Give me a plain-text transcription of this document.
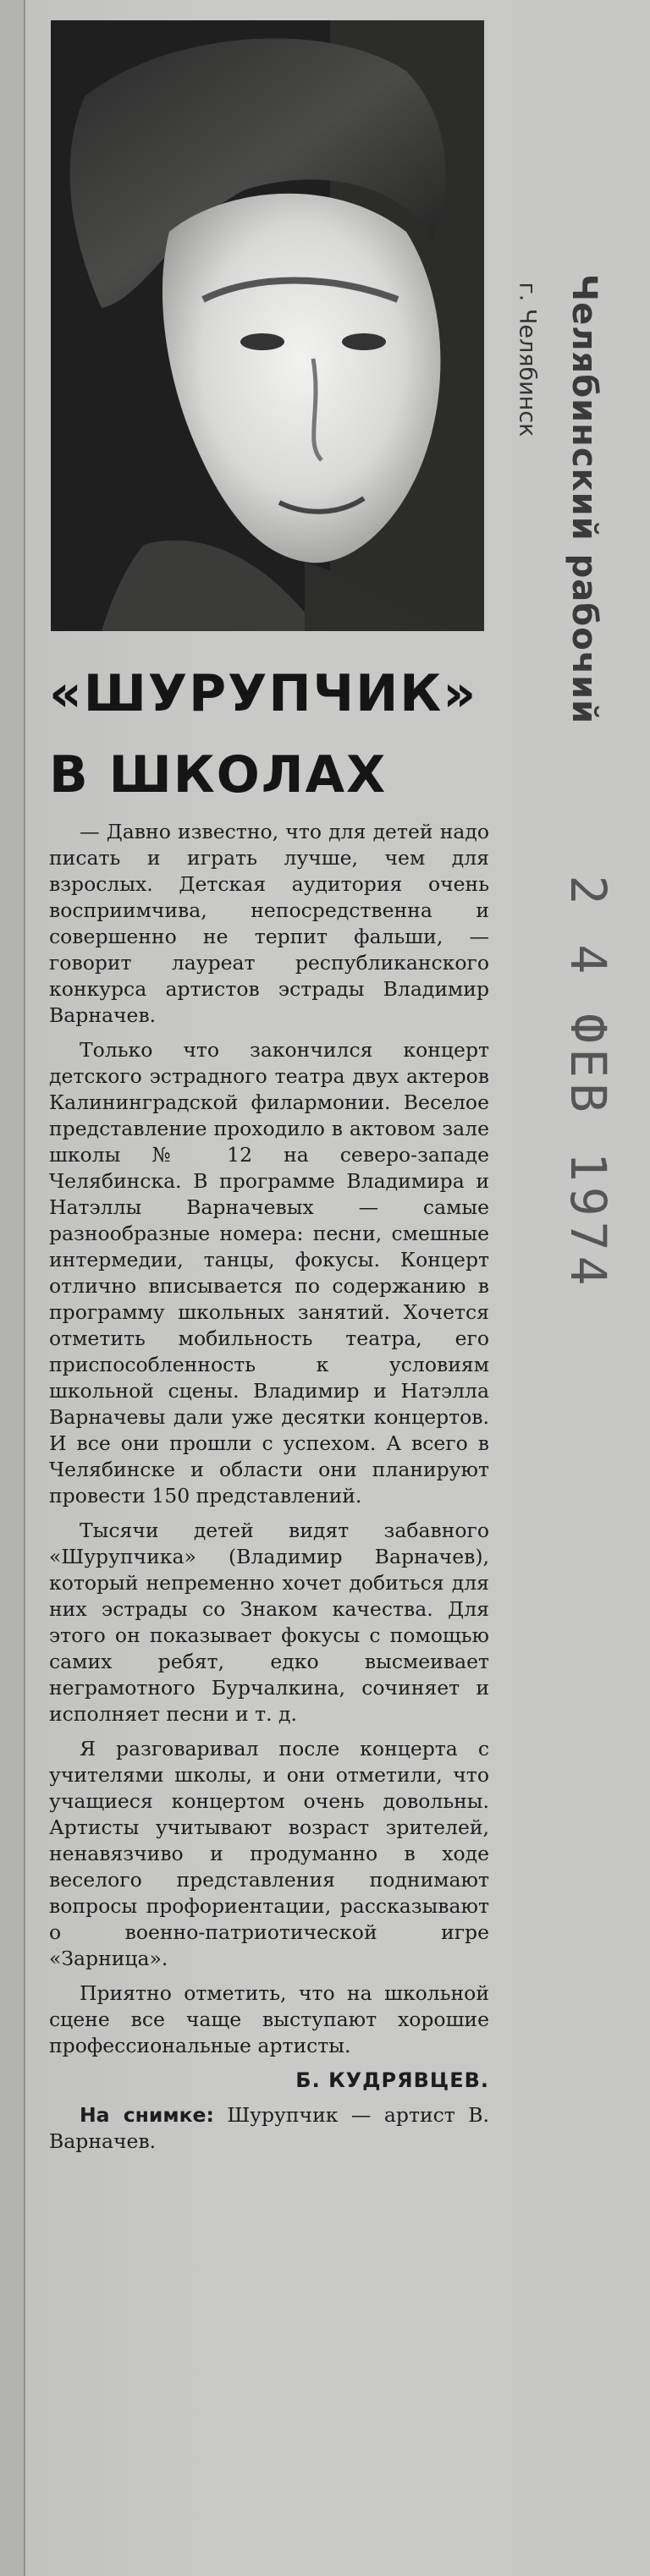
г. Челябинск Челябинский рабочий
2 4 ФЕВ 1974
«ШУРУПЧИК»
В ШКОЛАХ

— Давно известно, что для детей надо писать и играть лучше, чем для взрослых. Детская аудитория очень восприимчива, непосредственна и совершенно не терпит фальши, — говорит лауреат республиканского конкурса артистов эстрады Владимир Варначев.

Только что закончился концерт детского эстрадного театра двух актеров Калининградской филармонии. Веселое представление проходило в актовом зале школы № 12 на северо-западе Челябинска. В программе Владимира и Натэллы Варначевых — самые разнообразные номера: песни, смешные интермедии, танцы, фокусы. Концерт отлично вписывается по содержанию в программу школьных занятий. Хочется отметить мобильность театра, его приспособленность к условиям школьной сцены. Владимир и Натэлла Варначевы дали уже десятки концертов. И все они прошли с успехом. А всего в Челябинске и области они планируют провести 150 представлений.

Тысячи детей видят забавного «Шурупчика» (Владимир Варначев), который непременно хочет добиться для них эстрады со Знаком качества. Для этого он показывает фокусы с помощью самих ребят, едко высмеивает неграмотного Бурчалкина, сочиняет и исполняет песни и т. д.

Я разговаривал после концерта с учителями школы, и они отметили, что учащиеся концертом очень довольны. Артисты учитывают возраст зрителей, ненавязчиво и продуманно в ходе веселого представления поднимают вопросы профориентации, рассказывают о военно-патриотической игре «Зарница».

Приятно отметить, что на школьной сцене все чаще выступают хорошие профессиональные артисты.

Б. КУДРЯВЦЕВ.

На снимке: Шурупчик — артист В. Варначев.
